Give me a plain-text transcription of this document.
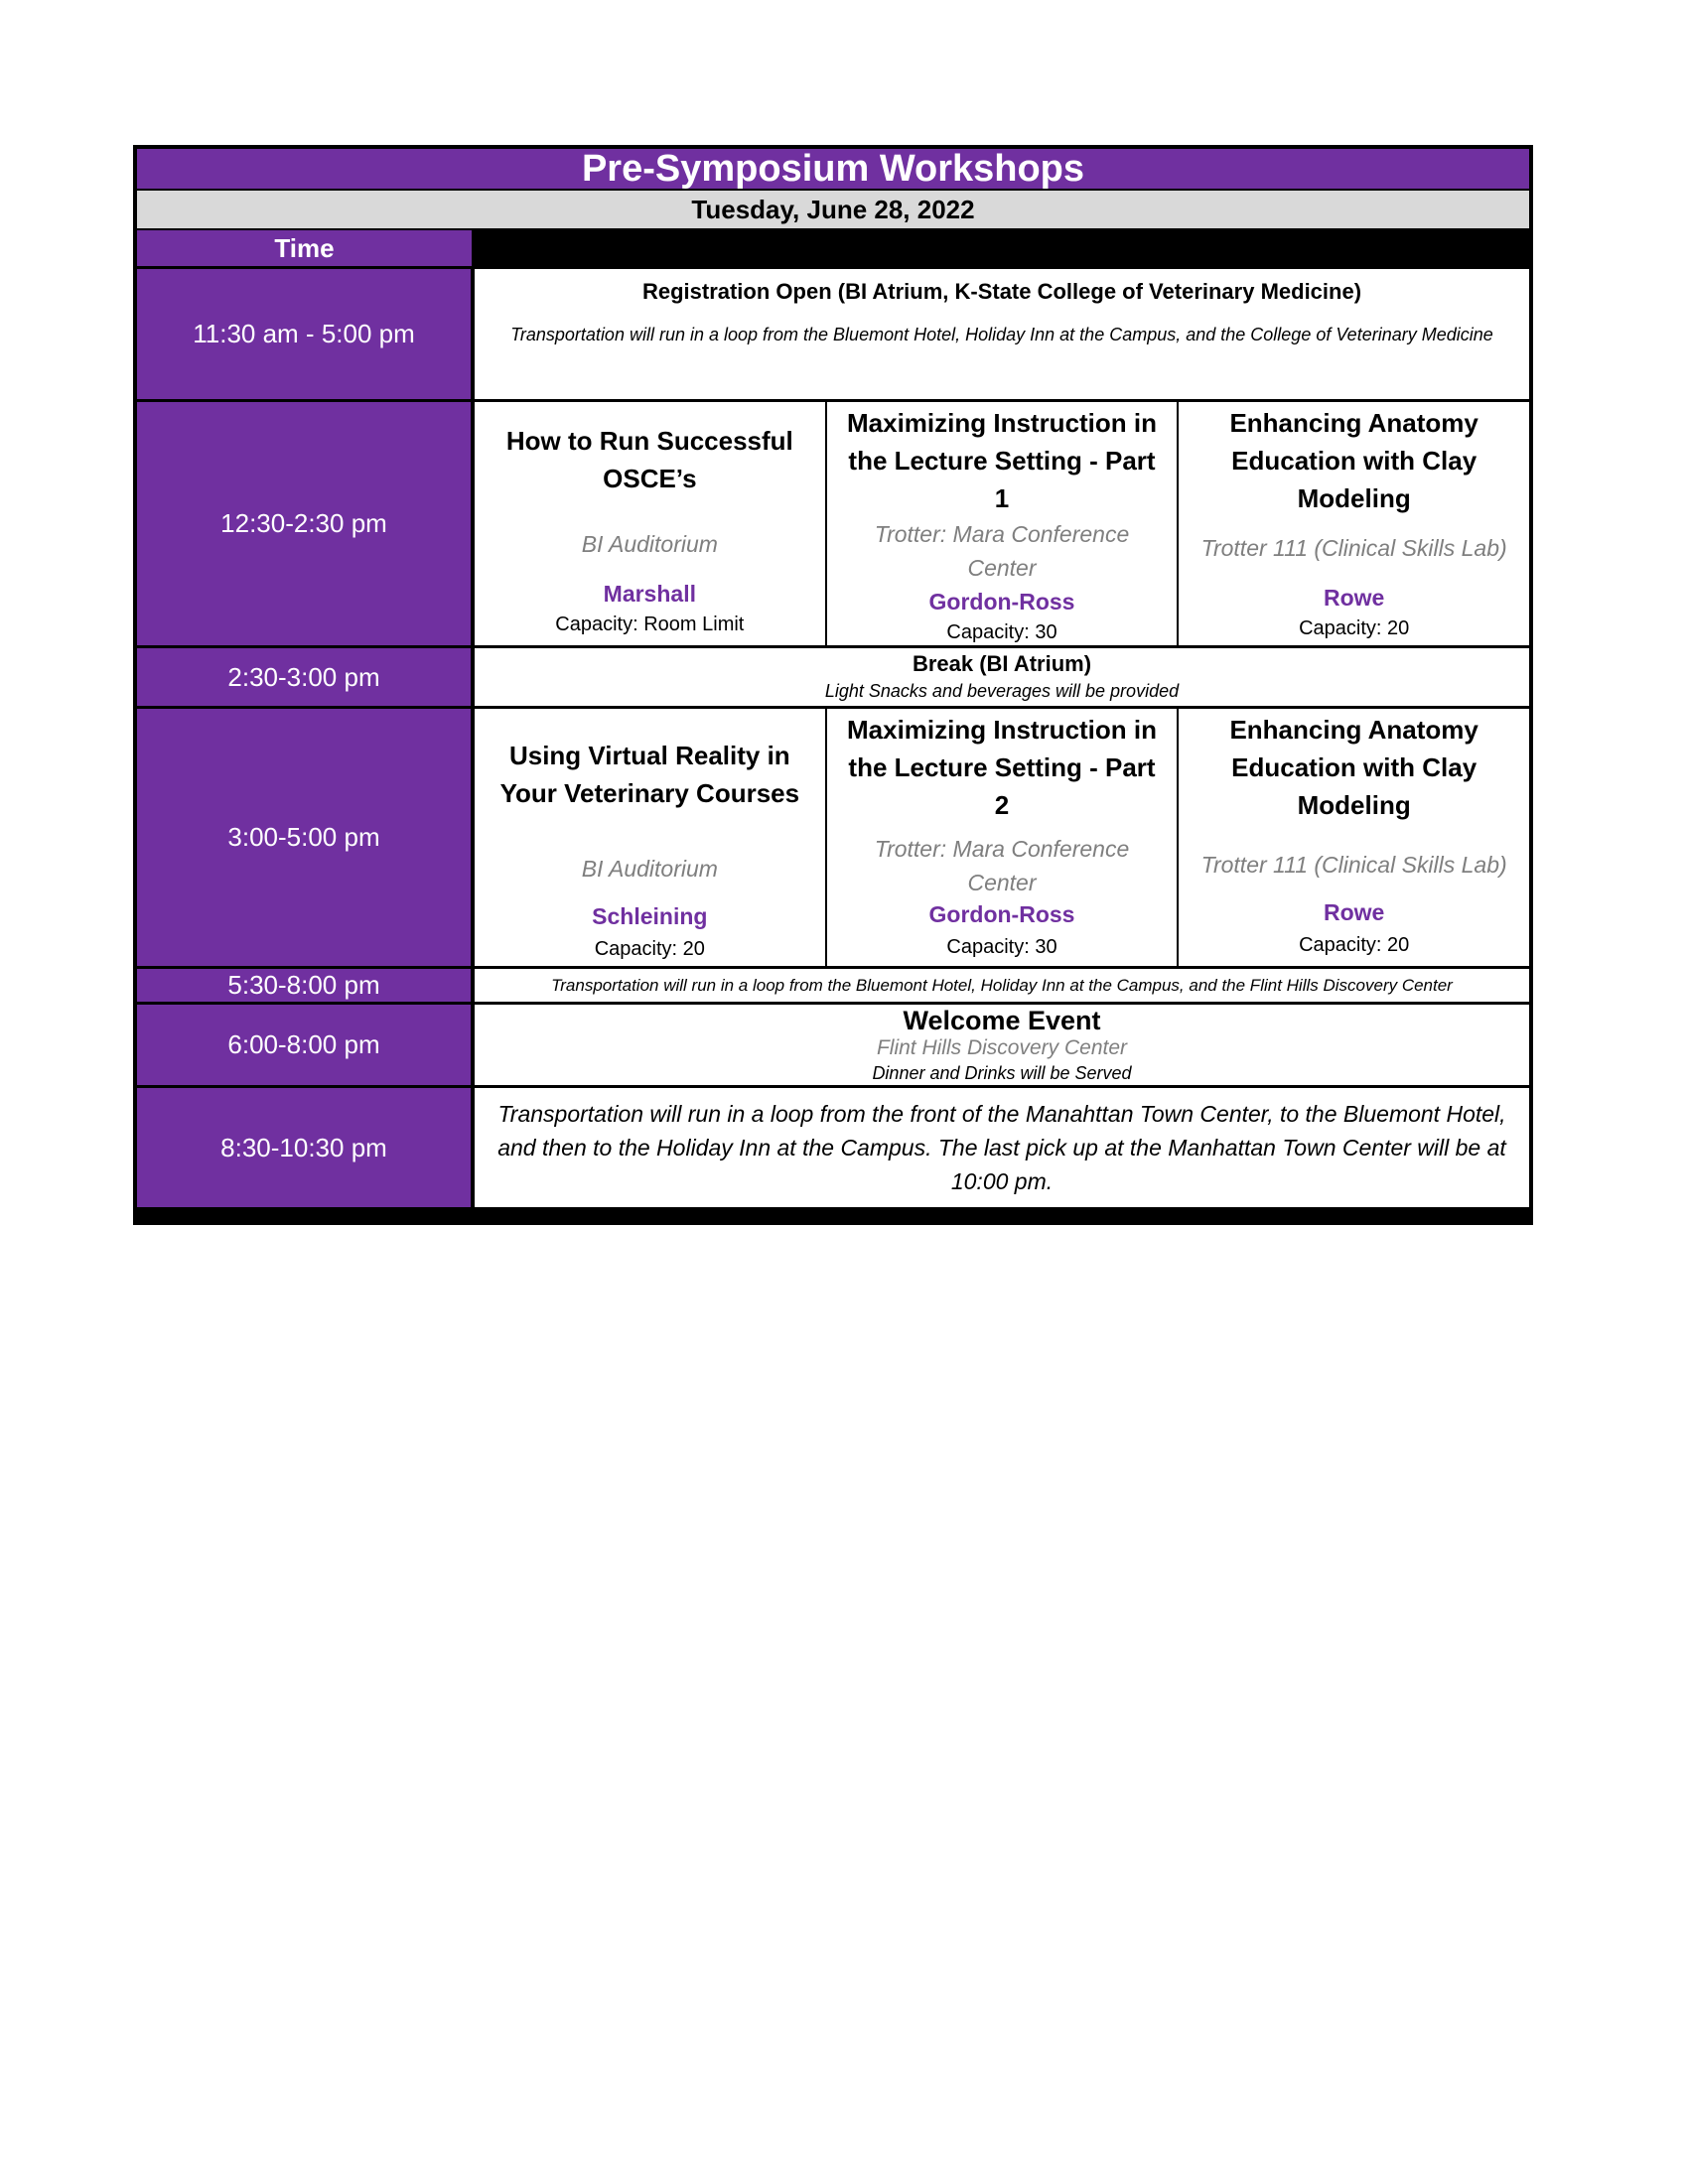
Pre-Symposium Workshops
Tuesday, June 28, 2022
Time
11:30 am - 5:00 pm
Registration Open (BI Atrium, K-State College of Veterinary Medicine)
Transportation will run in a loop from the Bluemont Hotel, Holiday Inn at the Campus, and the College of Veterinary Medicine
12:30-2:30 pm
How to Run Successful OSCE’s
BI Auditorium
Marshall
Capacity: Room Limit
Maximizing Instruction in the Lecture Setting - Part 1
Trotter: Mara Conference Center
Gordon-Ross
Capacity: 30
Enhancing Anatomy Education with Clay Modeling
Trotter 111 (Clinical Skills Lab)
Rowe
Capacity: 20
2:30-3:00 pm	Break (BI Atrium)
Light Snacks and beverages will be provided
3:00-5:00 pm
Using Virtual Reality in Your Veterinary Courses
BI Auditorium
Schleining
Capacity: 20
Maximizing Instruction in the Lecture Setting - Part 2
Trotter: Mara Conference Center
Gordon-Ross
Capacity: 30
Enhancing Anatomy Education with Clay Modeling
Trotter 111 (Clinical Skills Lab)
Rowe
Capacity: 20
5:30-8:00 pm	Transportation will run in a loop from the Bluemont Hotel, Holiday Inn at the Campus, and the Flint Hills Discovery Center
6:00-8:00 pm
Welcome Event
Flint Hills Discovery Center
Dinner and Drinks will be Served
8:30-10:30 pm
Transportation will run in a loop from the front of the Manahttan Town Center, to the Bluemont Hotel, and then to the Holiday Inn at the Campus. The last pick up at the Manhattan Town Center will be at 10:00 pm.
